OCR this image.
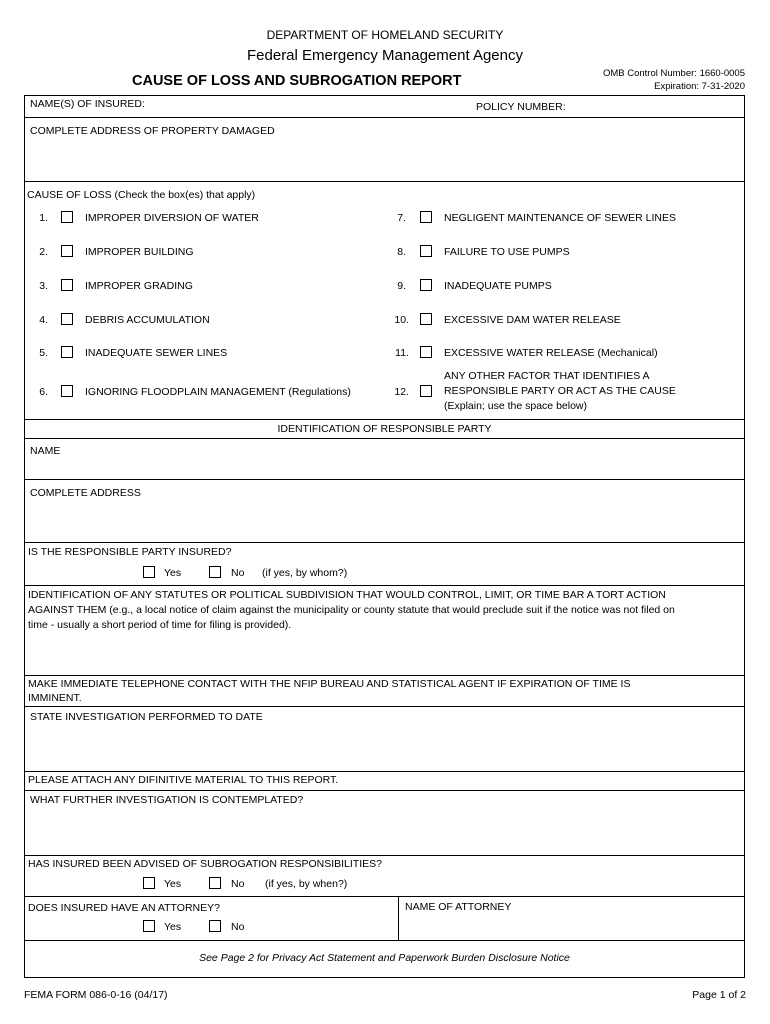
DEPARTMENT OF HOMELAND SECURITY
Federal Emergency Management Agency
CAUSE OF LOSS AND SUBROGATION REPORT	OMB Control Number: 1660-0005
Expiration: 7-31-2020
NAME(S) OF INSURED:	POLICY NUMBER:
COMPLETE ADDRESS OF PROPERTY DAMAGED
CAUSE OF LOSS (Check the box(es) that apply)
1.	IMPROPER DIVERSION OF WATER
2.	IMPROPER BUILDING
3.	IMPROPER GRADING
4.	DEBRIS ACCUMULATION
5.	INADEQUATE SEWER LINES
6.	IGNORING FLOODPLAIN MANAGEMENT (Regulations)
7.	NEGLIGENT MAINTENANCE OF SEWER LINES
8.	FAILURE TO USE PUMPS
9.	INADEQUATE PUMPS
10.	EXCESSIVE DAM WATER RELEASE
11.	EXCESSIVE WATER RELEASE (Mechanical)
12.
ANY OTHER FACTOR THAT IDENTIFIES A
RESPONSIBLE PARTY OR ACT AS THE CAUSE
(Explain; use the space below)
IDENTIFICATION OF RESPONSIBLE PARTY
NAME
COMPLETE ADDRESS
IS THE RESPONSIBLE PARTY INSURED?
Yes	No (if yes, by whom?)
IDENTIFICATION OF ANY STATUTES OR POLITICAL SUBDIVISION THAT WOULD CONTROL, LIMIT, OR TIME BAR A TORT ACTION
AGAINST THEM (e.g., a local notice of claim against the municipality or county statute that would preclude suit if the notice was not filed on
time - usually a short period of time for filing is provided).
MAKE IMMEDIATE TELEPHONE CONTACT WITH THE NFIP BUREAU AND STATISTICAL AGENT IF EXPIRATION OF TIME IS
IMMINENT.
STATE INVESTIGATION PERFORMED TO DATE
PLEASE ATTACH ANY DIFINITIVE MATERIAL TO THIS REPORT.
WHAT FURTHER INVESTIGATION IS CONTEMPLATED?
HAS INSURED BEEN ADVISED OF SUBROGATION RESPONSIBILITIES?
Yes	No (if yes, by when?)
DOES INSURED HAVE AN ATTORNEY?
Yes	No
NAME OF ATTORNEY
See Page 2 for Privacy Act Statement and Paperwork Burden Disclosure Notice
FEMA FORM 086-0-16 (04/17)	Page 1 of 2
